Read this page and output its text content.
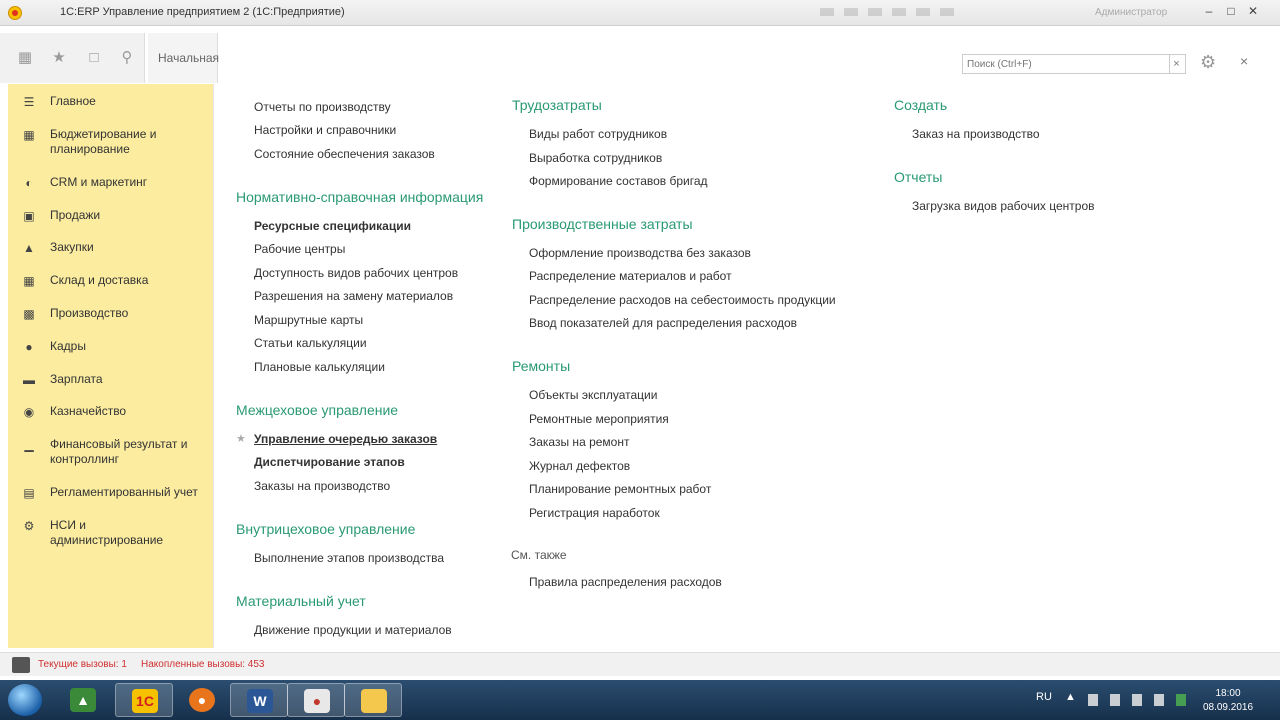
1С:ERP Управление предприятием 2 (1С:Предприятие)	Администратор	–	□	✕
▦ ★ □ ⚲ Начальная
Поиск (Ctrl+F)	×	⚙ ×
☰ Главное
▦ Бюджетирование и планирование
◐ CRM и маркетинг
▣ Продажи
▲ Закупки
▦ Склад и доставка
▩ Производство
● Кадры
▬ Зарплата
◉ Казначейство
▁ Финансовый результат и контроллинг
▤ Регламентированный учет
⚙ НСИ и администрирование
Отчеты по производству
Настройки и справочники
Состояние обеспечения заказов
Нормативно-справочная информация
Ресурсные спецификации
Рабочие центры
Доступность видов рабочих центров
Разрешения на замену материалов
Маршрутные карты
Статьи калькуляции
Плановые калькуляции
Межцеховое управление
★ Управление очередью заказов
Диспетчирование этапов
Заказы на производство
Внутрицеховое управление
Выполнение этапов производства
Материальный учет
Движение продукции и материалов
Трудозатраты
Виды работ сотрудников
Выработка сотрудников
Формирование составов бригад
Производственные затраты
Оформление производства без заказов
Распределение материалов и работ
Распределение расходов на себестоимость продукции
Ввод показателей для распределения расходов
Ремонты
Объекты эксплуатации
Ремонтные мероприятия
Заказы на ремонт
Журнал дефектов
Планирование ремонтных работ
Регистрация наработок
См. также
Правила распределения расходов
Создать
Заказ на производство
Отчеты
Загрузка видов рабочих центров
Текущие вызовы: 1 Накопленные вызовы: 453
▲	1C	●	W	●	RU ▲	18:00
08.09.2016
